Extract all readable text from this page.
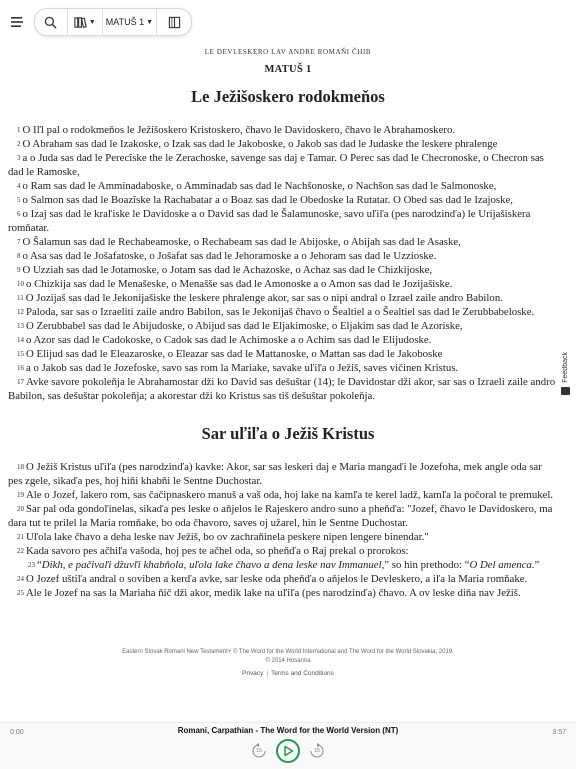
▼ MATUŠ 1 ▼
LE DEVLESKERO LAV ANDRE ROMAŇI ČHIB
MATUŠ 1
Le Ježišoskero rodokmeňos

1 O Iľl pal o rodokmeňos le Ježišoskero Kristoskero, čhavo le Davidoskero, čhavo le Abrahamoskero.

2 O Abraham sas dad le Izakoske, o Izak sas dad le Jakoboske, o Jakob sas dad le Judaske the leskere phralenge

3 a o Juda sas dad le Perecîske the le Zerachoske, savenge sas daj e Tamar. O Perec sas dad le Checronoske, o Checron sas dad le Ramoske,

4 o Ram sas dad le Amminadaboske, o Amminadab sas dad le Nachšonoske, o Nachšon sas dad le Salmonoske,

5 o Salmon sas dad le Boazîske la Rachabatar a o Boaz sas dad le Obedoske la Rutatar. O Obed sas dad le Izajoske,

6 o Izaj sas dad le kraľiske le Davidoske a o David sas dad le Šalamunoske, savo uľiľa (pes narodzinďa) le Urijašiskera romňatar.

7 O Šalamun sas dad le Rechabeamoske, o Rechabeam sas dad le Abijoske, o Abijah sas dad le Asaske,

8 o Asa sas dad le Jošafatoske, o Jošafat sas dad le Jehoramoske a o Jehoram sas dad le Uzzioske.

9 O Uzziah sas dad le Jotamoske, o Jotam sas dad le Achazoske, o Achaz sas dad le Chizkijoske,

10 o Chizkija sas dad le Menašeske, o Menašše sas dad le Amonoske a o Amon sas dad le Jozijašiske.

11 O Jozijaš sas dad le Jekonijašiske the leskere phralenge akor, sar sas o nipi andral o Izrael zaile andro Babilon.

12 Paloda, sar sas o Izraeliti zaile andro Babilon, sas le Jekonijaš čhavo o Šealtiel a o Šealtiel sas dad le Zerubbabeloske.

13 O Zerubbabel sas dad le Abijudoske, o Abijud sas dad le Eljakimoske, o Eljakim sas dad le Azoriske,

14 o Azor sas dad le Cadokoske, o Cadok sas dad le Achimoske a o Achim sas dad le Elijudoske.

15 O Elijud sas dad le Eleazaroske, o Eleazar sas dad le Mattanoske, o Mattan sas dad le Jakoboske

16 a o Jakob sas dad le Jozefoske, savo sas rom la Mariake, savake uľiľa o Ježiš, saves vičinen Kristus.

17 Avke savore pokoleňja le Abrahamostar dži ko David sas dešuštar (14); le Davidostar dži akor, sar sas o Izraeli zaile andro Babilon, sas dešuštar pokoleňja; a akorestar dži ko Kristus sas tiš dešuštar pokoleňja.

Sar uľiľa o Ježiš Kristus

18 O Ježiš Kristus uľiľa (pes narodzinďa) kavke: Akor, sar sas leskeri daj e Maria mangaďi le Jozefoha, mek angle oda sar pes zgele, sikaďa pes, hoj hiňi khabňi le Sentne Duchostar.

19 Ale o Jozef, lakero rom, sas čačipnaskero manuš a vaš oda, hoj lake na kamľa te kerel ladž, kamľa la počoral te premukel.

20 Sar pal oda gondoľinelas, sikaďa pes leske o aňjelos le Rajeskero andro suno a pheňďa: "Jozef, čhavo le Davidoskero, ma dara tut te prilel la Maria romňake, bo oda čhavoro, saves oj užarel, hin le Sentne Duchostar.

21 Uľola lake čhavo a deha leske nav Ježiš, bo ov zachraňinela peskere nipen lengere binendar."

22 Kada savoro pes ačhiľa vašoda, hoj pes te ačhel oda, so pheňďa o Raj prekal o prorokos:

23 “Dikh, e pačivaľi džuvľi khabňola, uľola lake čhavo a dena leske nav Immanuel,” so hin prethodo: “O Del amenca.”

24 O Jozef uštiľa andral o soviben a kerďa avke, sar leske oda pheňďa o aňjelos le Devleskero, a iľa la Maria romňake.

25 Ale le Jozef na sas la Mariaha ňič dži akor, medik lake na uľiľa (pes narodzinďa) čhavo. A ov leske diňa nav Ježiš.

Eastern Slovak Romani New Testament+ © The Word for the World International and The Word for the World Slovakia, 2019.
© 2014 Hosanna
Privacy | Terms and Conditions
Feedback
0:00	Romani, Carpathian - The Word for the World Version (NT)	3:57
15	15
